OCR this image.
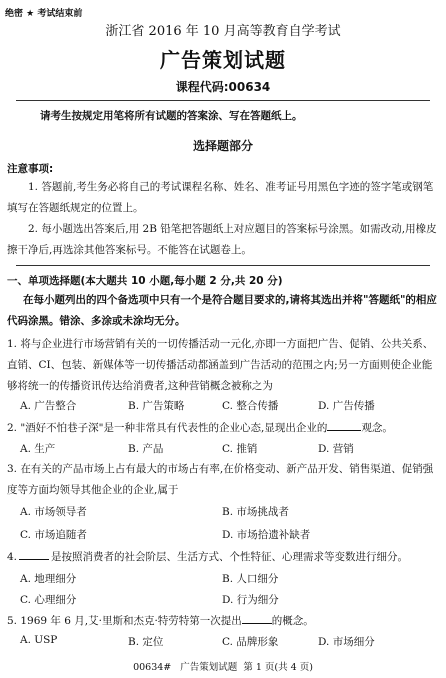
绝密 ★ 考试结束前
浙江省 2016 年 10 月高等教育自学考试
广告策划试题
课程代码:00634
请考生按规定用笔将所有试题的答案涂、写在答题纸上。
选择题部分
注意事项:
1. 答题前,考生务必将自己的考试课程名称、姓名、准考证号用黑色字迹的签字笔或钢笔填写在答题纸规定的位置上。
2. 每小题选出答案后,用 2B 铅笔把答题纸上对应题目的答案标号涂黑。如需改动,用橡皮擦干净后,再选涂其他答案标号。不能答在试题卷上。
一、单项选择题(本大题共 10 小题,每小题 2 分,共 20 分)
在每小题列出的四个备选项中只有一个是符合题目要求的,请将其选出并将"答题纸"的相应代码涂黑。错涂、多涂或未涂均无分。
1. 将与企业进行市场营销有关的一切传播活动一元化,亦即一方面把广告、促销、公共关系、直销、CI、包装、新媒体等一切传播活动都涵盖到广告活动的范围之内;另一方面则使企业能够将统一的传播资讯传达给消费者,这种营销概念被称之为
A. 广告整合	B. 广告策略	C. 整合传播	D. 广告传播
2. "酒好不怕巷子深"是一种非常具有代表性的企业心态,显现出企业的	观念。
A. 生产	B. 产品	C. 推销	D. 营销
3. 在有关的产品市场上占有最大的市场占有率,在价格变动、新产品开发、销售渠道、促销强度等方面均领导其他企业的企业,属于
A. 市场领导者	B. 市场挑战者
C. 市场追随者	D. 市场拾遗补缺者
4.	是按照消费者的社会阶层、生活方式、个性特征、心理需求等变数进行细分。
A. 地理细分	B. 人口细分
C. 心理细分	D. 行为细分
5. 1969 年 6 月,艾·里斯和杰克·特劳特第一次提出	的概念。
A. USP	B. 定位	C. 品牌形象	D. 市场细分
00634#   广告策划试题  第 1 页(共 4 页)
